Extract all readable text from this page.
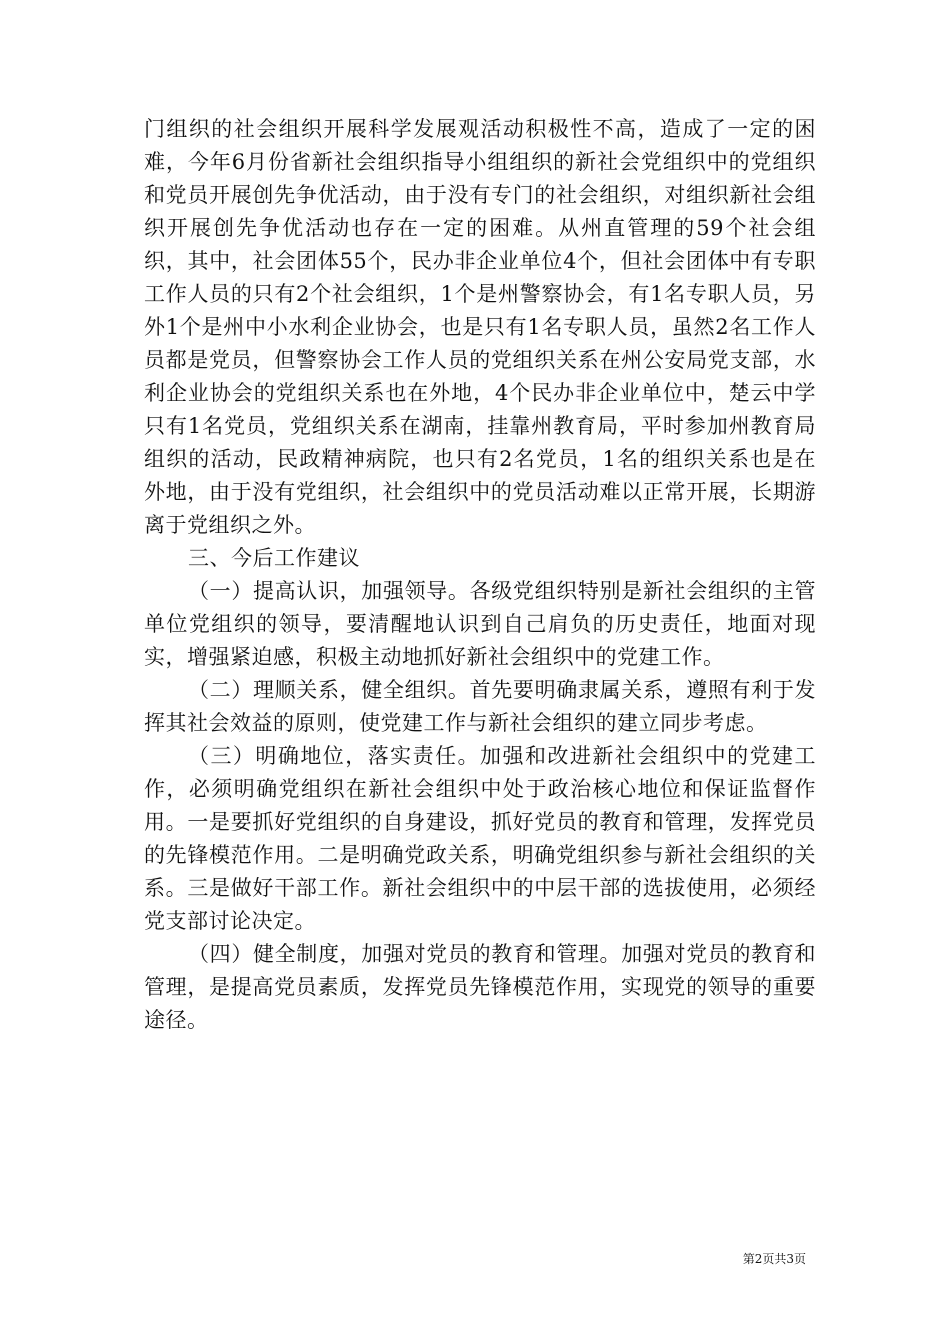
门组织的社会组织开展科学发展观活动积极性不高，造成了一定的困难，今年6月份省新社会组织指导小组组织的新社会党组织中的党组织和党员开展创先争优活动，由于没有专门的社会组织，对组织新社会组织开展创先争优活动也存在一定的困难。从州直管理的59个社会组织，其中，社会团体55个，民办非企业单位4个，但社会团体中有专职工作人员的只有2个社会组织，1个是州警察协会，有1名专职人员，另外1个是州中小水利企业协会，也是只有1名专职人员，虽然2名工作人员都是党员，但警察协会工作人员的党组织关系在州公安局党支部，水利企业协会的党组织关系也在外地，4个民办非企业单位中，楚云中学只有1名党员，党组织关系在湖南，挂靠州教育局，平时参加州教育局组织的活动，民政精神病院，也只有2名党员，1名的组织关系也是在外地，由于没有党组织，社会组织中的党员活动难以正常开展，长期游离于党组织之外。

三、今后工作建议

（一）提高认识，加强领导。各级党组织特别是新社会组织的主管单位党组织的领导，要清醒地认识到自己肩负的历史责任，地面对现实，增强紧迫感，积极主动地抓好新社会组织中的党建工作。

（二）理顺关系，健全组织。首先要明确隶属关系，遵照有利于发挥其社会效益的原则，使党建工作与新社会组织的建立同步考虑。

（三）明确地位，落实责任。加强和改进新社会组织中的党建工作，必须明确党组织在新社会组织中处于政治核心地位和保证监督作用。一是要抓好党组织的自身建设，抓好党员的教育和管理，发挥党员的先锋模范作用。二是明确党政关系，明确党组织参与新社会组织的关系。三是做好干部工作。新社会组织中的中层干部的选拔使用，必须经党支部讨论决定。

（四）健全制度，加强对党员的教育和管理。加强对党员的教育和管理，是提高党员素质，发挥党员先锋模范作用，实现党的领导的重要途径。

第2页共3页
